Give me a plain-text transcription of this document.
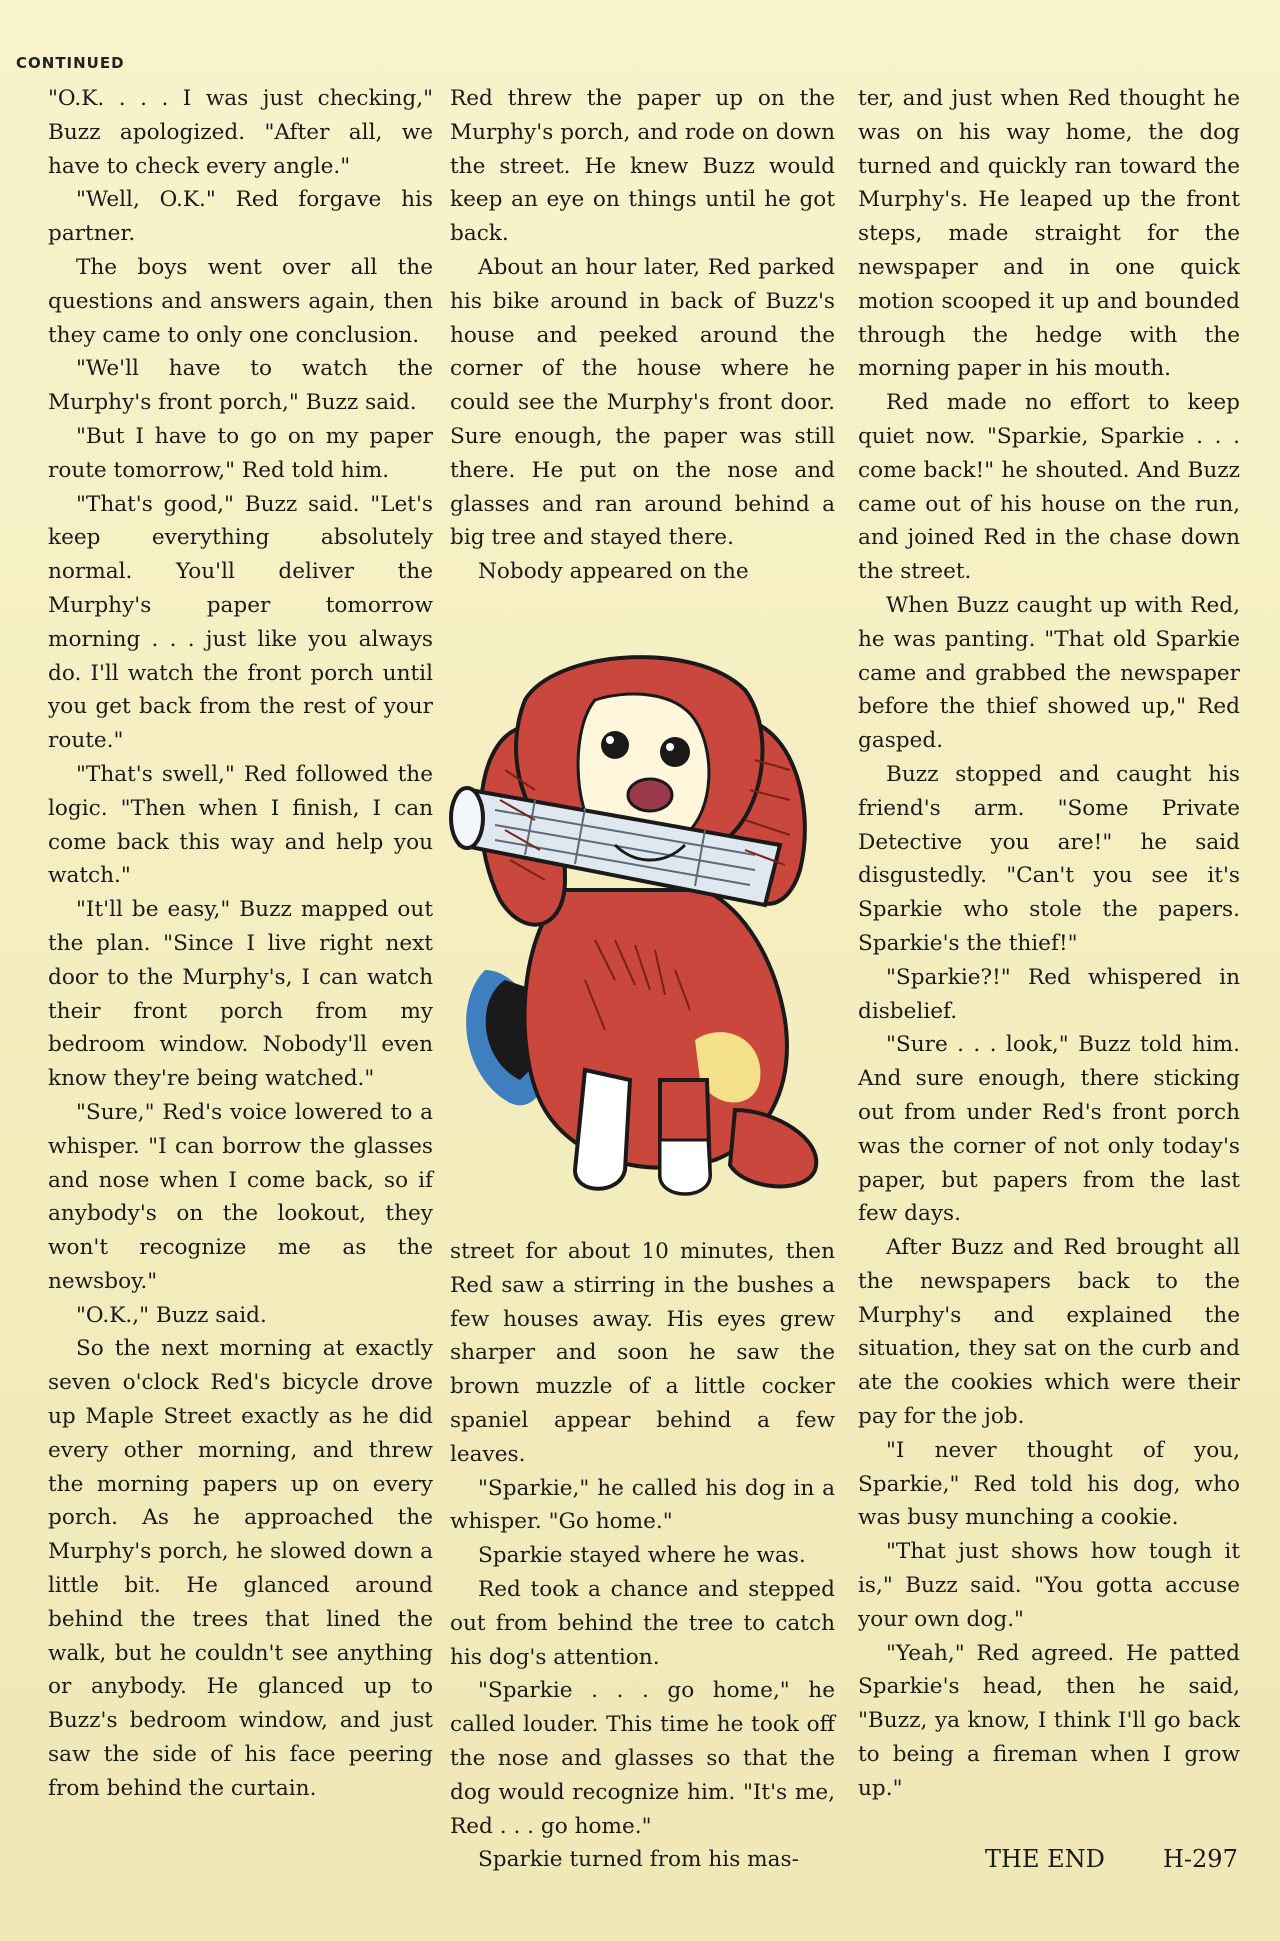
CONTINUED

"O.K. . . . I was just checking," Buzz apologized. "After all, we have to check every angle."

"Well, O.K." Red forgave his partner.

The boys went over all the questions and answers again, then they came to only one conclusion.

"We'll have to watch the Murphy's front porch," Buzz said.

"But I have to go on my paper route tomorrow," Red told him.

"That's good," Buzz said. "Let's keep everything absolutely normal. You'll deliver the Murphy's paper tomorrow morning . . . just like you always do. I'll watch the front porch until you get back from the rest of your route."

"That's swell," Red followed the logic. "Then when I finish, I can come back this way and help you watch."

"It'll be easy," Buzz mapped out the plan. "Since I live right next door to the Murphy's, I can watch their front porch from my bedroom window. Nobody'll even know they're being watched."

"Sure," Red's voice lowered to a whisper. "I can borrow the glasses and nose when I come back, so if anybody's on the lookout, they won't recognize me as the newsboy."

"O.K.," Buzz said.

So the next morning at exactly seven o'clock Red's bicycle drove up Maple Street exactly as he did every other morning, and threw the morning papers up on every porch. As he approached the Murphy's porch, he slowed down a little bit. He glanced around behind the trees that lined the walk, but he couldn't see anything or anybody. He glanced up to Buzz's bedroom window, and just saw the side of his face peering from behind the curtain.

Red threw the paper up on the Murphy's porch, and rode on down the street. He knew Buzz would keep an eye on things until he got back.

About an hour later, Red parked his bike around in back of Buzz's house and peeked around the corner of the house where he could see the Murphy's front door. Sure enough, the paper was still there. He put on the nose and glasses and ran around behind a big tree and stayed there.

Nobody appeared on the

street for about 10 minutes, then Red saw a stirring in the bushes a few houses away. His eyes grew sharper and soon he saw the brown muzzle of a little cocker spaniel appear behind a few leaves.

"Sparkie," he called his dog in a whisper. "Go home."

Sparkie stayed where he was.

Red took a chance and stepped out from behind the tree to catch his dog's attention.

"Sparkie . . . go home," he called louder. This time he took off the nose and glasses so that the dog would recognize him. "It's me, Red . . . go home."

Sparkie turned from his mas-

ter, and just when Red thought he was on his way home, the dog turned and quickly ran toward the Murphy's. He leaped up the front steps, made straight for the newspaper and in one quick motion scooped it up and bounded through the hedge with the morning paper in his mouth.

Red made no effort to keep quiet now. "Sparkie, Sparkie . . . come back!" he shouted. And Buzz came out of his house on the run, and joined Red in the chase down the street.

When Buzz caught up with Red, he was panting. "That old Sparkie came and grabbed the newspaper before the thief showed up," Red gasped.

Buzz stopped and caught his friend's arm. "Some Private Detective you are!" he said disgustedly. "Can't you see it's Sparkie who stole the papers. Sparkie's the thief!"

"Sparkie?!" Red whispered in disbelief.

"Sure . . . look," Buzz told him. And sure enough, there sticking out from under Red's front porch was the corner of not only today's paper, but papers from the last few days.

After Buzz and Red brought all the newspapers back to the Murphy's and explained the situation, they sat on the curb and ate the cookies which were their pay for the job.

"I never thought of you, Sparkie," Red told his dog, who was busy munching a cookie.

"That just shows how tough it is," Buzz said. "You gotta accuse your own dog."

"Yeah," Red agreed. He patted Sparkie's head, then he said, "Buzz, ya know, I think I'll go back to being a fireman when I grow up."

THE END H-297
